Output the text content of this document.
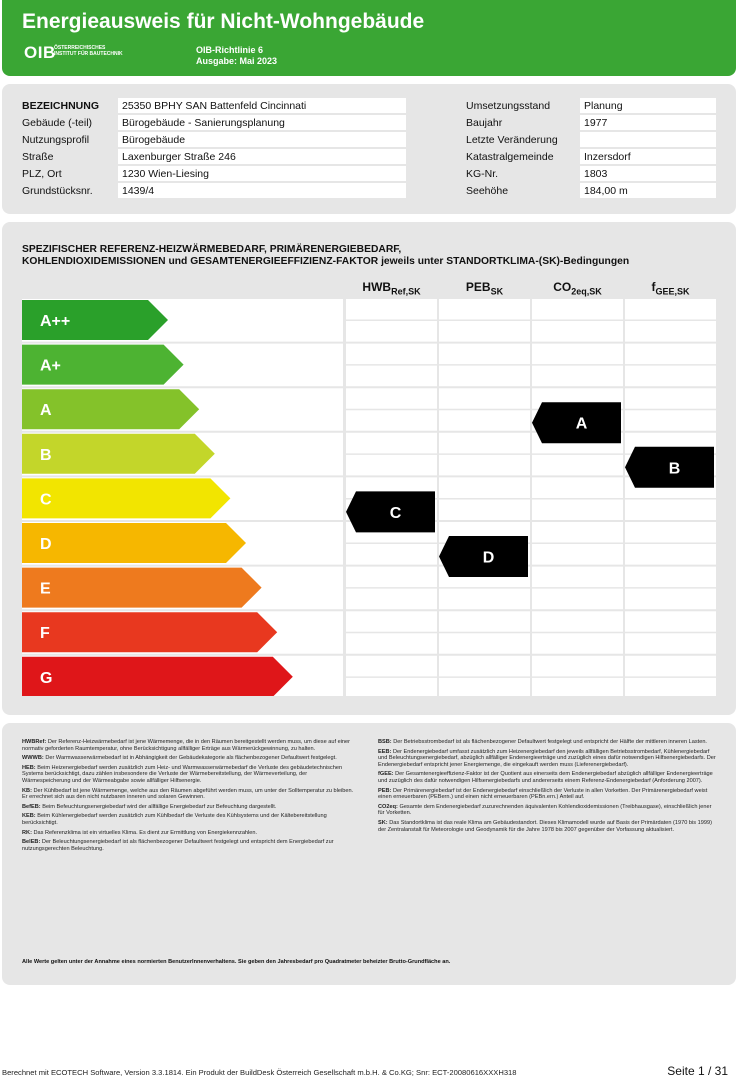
Energieausweis für Nicht-Wohngebäude
OIB
ÖSTERREICHISCHES
INSTITUT FÜR BAUTECHNIK	OIB-Richtlinie 6
Ausgabe: Mai 2023
BEZEICHNUNG	25350 BPHY SAN Battenfeld Cincinnati
Gebäude (-teil)	Bürogebäude - Sanierungsplanung
Nutzungsprofil	Bürogebäude
Straße	Laxenburger Straße 246
PLZ, Ort	1230 Wien-Liesing
Grundstücksnr.	1439/4
Umsetzungsstand	Planung
Baujahr	1977
Letzte Veränderung
Katastralgemeinde	Inzersdorf
KG-Nr.	1803
Seehöhe	184,00 m
SPEZIFISCHER REFERENZ-HEIZWÄRMEBEDARF, PRIMÄRENERGIEBEDARF,
KOHLENDIOXIDEMISSIONEN und GESAMTENERGIEEFFIZIENZ-FAKTOR jeweils unter STANDORTKLIMA-(SK)-Bedingungen
A++
A+
A
B
C
D
E
F
G
C
D
A
B
$HWB_{Ref,SK}$	$PEB_{SK}$	$CO_{2eq,SK}$	$f_{GEE,SK}$

HWBRef: Der Referenz-Heizwärmebedarf ist jene Wärmemenge, die in den Räumen bereitgestellt werden muss, um diese auf einer normativ geforderten Raumtemperatur, ohne Berücksichtigung allfälliger Erträge aus Wärmerückgewinnung, zu halten.

WWWB: Der Warmwasserwärmebedarf ist in Abhängigkeit der Gebäudekategorie als flächenbezogener Defaultwert festgelegt.

HEB: Beim Heizenergiebedarf werden zusätzlich zum Heiz- und Warmwasserwärmebedarf die Verluste des gebäudetechnischen Systems berücksichtigt, dazu zählen insbesondere die Verluste der Wärmebereitstellung, der Wärmeverteilung, der Wärmespeicherung und der Wärmeabgabe sowie allfälliger Hilfsenergie.

KB: Der Kühlbedarf ist jene Wärmemenge, welche aus den Räumen abgeführt werden muss, um unter der Solltemperatur zu bleiben. Er errechnet sich aus den nicht nutzbaren inneren und solaren Gewinnen.

BefEB: Beim Befeuchtungsenergiebedarf wird der allfällige Energiebedarf zur Befeuchtung dargestellt.

KEB: Beim Kühlenergiebedarf werden zusätzlich zum Kühlbedarf die Verluste des Kühlsystems und der Kältebereitstellung berücksichtigt.

RK: Das Referenzklima ist ein virtuelles Klima. Es dient zur Ermittlung von Energiekennzahlen.

BelEB: Der Beleuchtungsenergiebedarf ist als flächenbezogener Defaultwert festgelegt und entspricht dem Energiebedarf zur nutzungsgerechten Beleuchtung.

BSB: Der Betriebsstrombedarf ist als flächenbezogener Defaultwert festgelegt und entspricht der Hälfte der mittleren inneren Lasten.

EEB: Der Endenergiebedarf umfasst zusätzlich zum Heizenergiebedarf den jeweils allfälligen Betriebsstrombedarf, Kühlenergiebedarf und Beleuchtungsenergiebedarf, abzüglich allfälliger Endenergieerträge und zuzüglich eines dafür notwendigen Hilfsenergiebedarfs. Der Endenergiebedarf entspricht jener Energiemenge, die eingekauft werden muss (Lieferenergiebedarf).

fGEE: Der Gesamtenergieeffizienz-Faktor ist der Quotient aus einerseits dem Endenergiebedarf abzüglich allfälliger Endenergieerträge und zuzüglich des dafür notwendigen Hilfsenergiebedarfs und andererseits einem Referenz-Endenergiebedarf (Anforderung 2007).

PEB: Der Primärenergiebedarf ist der Endenergiebedarf einschließlich der Verluste in allen Vorketten. Der Primärenergiebedarf weist einen erneuerbaren (PEBern.) und einen nicht erneuerbaren (PEBn.ern.) Anteil auf.

CO2eq: Gesamte dem Endenergiebedarf zuzurechnenden äquivalenten Kohlendioxidemissionen (Treibhausgase), einschließlich jener für Vorketten.

SK: Das Standortklima ist das reale Klima am Gebäudestandort. Dieses Klimamodell wurde auf Basis der Primärdaten (1970 bis 1999) der Zentralanstalt für Meteorologie und Geodynamik für die Jahre 1978 bis 2007 gegenüber der Vorfassung aktualisiert.

Alle Werte gelten unter der Annahme eines normierten BenutzerInnenverhaltens. Sie geben den Jahresbedarf pro Quadratmeter beheizter Brutto-Grundfläche an.
Berechnet mit ECOTECH Software, Version 3.3.1814. Ein Produkt der BuildDesk Österreich Gesellschaft m.b.H. & Co.KG; Snr: ECT-20080616XXXH318	Seite 1 / 31
